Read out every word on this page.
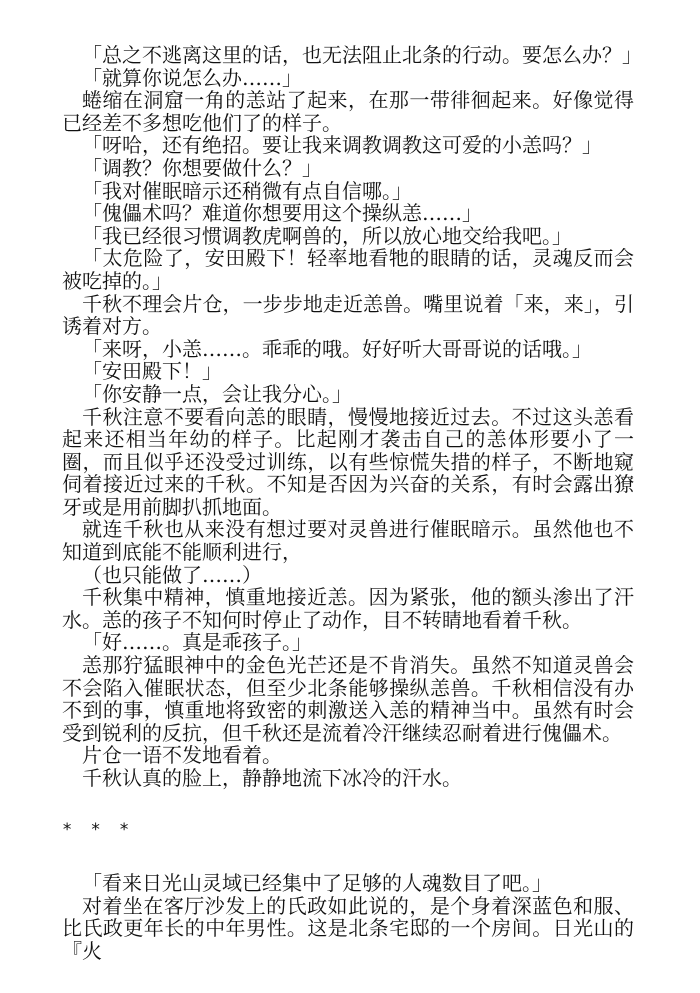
「总之不逃离这里的话，也无法阻止北条的行动。要怎么办？」

「就算你说怎么办……」

蜷缩在洞窟一角的恙站了起来，在那一带徘徊起来。好像觉得已经差不多想吃他们了的样子。

「呀哈，还有绝招。要让我来调教调教这可爱的小恙吗？」

「调教？你想要做什么？」

「我对催眠暗示还稍微有点自信哪。」

「傀儡术吗？难道你想要用这个操纵恙……」

「我已经很习惯调教虎啊兽的，所以放心地交给我吧。」

「太危险了，安田殿下！轻率地看牠的眼睛的话，灵魂反而会被吃掉的。」

千秋不理会片仓，一步步地走近恙兽。嘴里说着「来，来」，引诱着对方。

「来呀，小恙……。乖乖的哦。好好听大哥哥说的话哦。」

「安田殿下！」

「你安静一点，会让我分心。」

千秋注意不要看向恙的眼睛，慢慢地接近过去。不过这头恙看起来还相当年幼的样子。比起刚才袭击自己的恙体形要小了一圈，而且似乎还没受过训练，以有些惊慌失措的样子，不断地窥伺着接近过来的千秋。不知是否因为兴奋的关系，有时会露出獠牙或是用前脚扒抓地面。

就连千秋也从来没有想过要对灵兽进行催眠暗示。虽然他也不知道到底能不能顺利进行，

（也只能做了……）

千秋集中精神，慎重地接近恙。因为紧张，他的额头渗出了汗水。恙的孩子不知何时停止了动作，目不转睛地看着千秋。

「好……。真是乖孩子。」

恙那狞猛眼神中的金色光芒还是不肯消失。虽然不知道灵兽会不会陷入催眠状态，但至少北条能够操纵恙兽。千秋相信没有办不到的事，慎重地将致密的刺激送入恙的精神当中。虽然有时会受到锐利的反抗，但千秋还是流着冷汗继续忍耐着进行傀儡术。

片仓一语不发地看着。

千秋认真的脸上，静静地流下冰冷的汗水。

* * *

「看来日光山灵域已经集中了足够的人魂数目了吧。」

对着坐在客厅沙发上的氏政如此说的，是个身着深蓝色和服、比氏政更年长的中年男性。这是北条宅邸的一个房间。日光山的『火
